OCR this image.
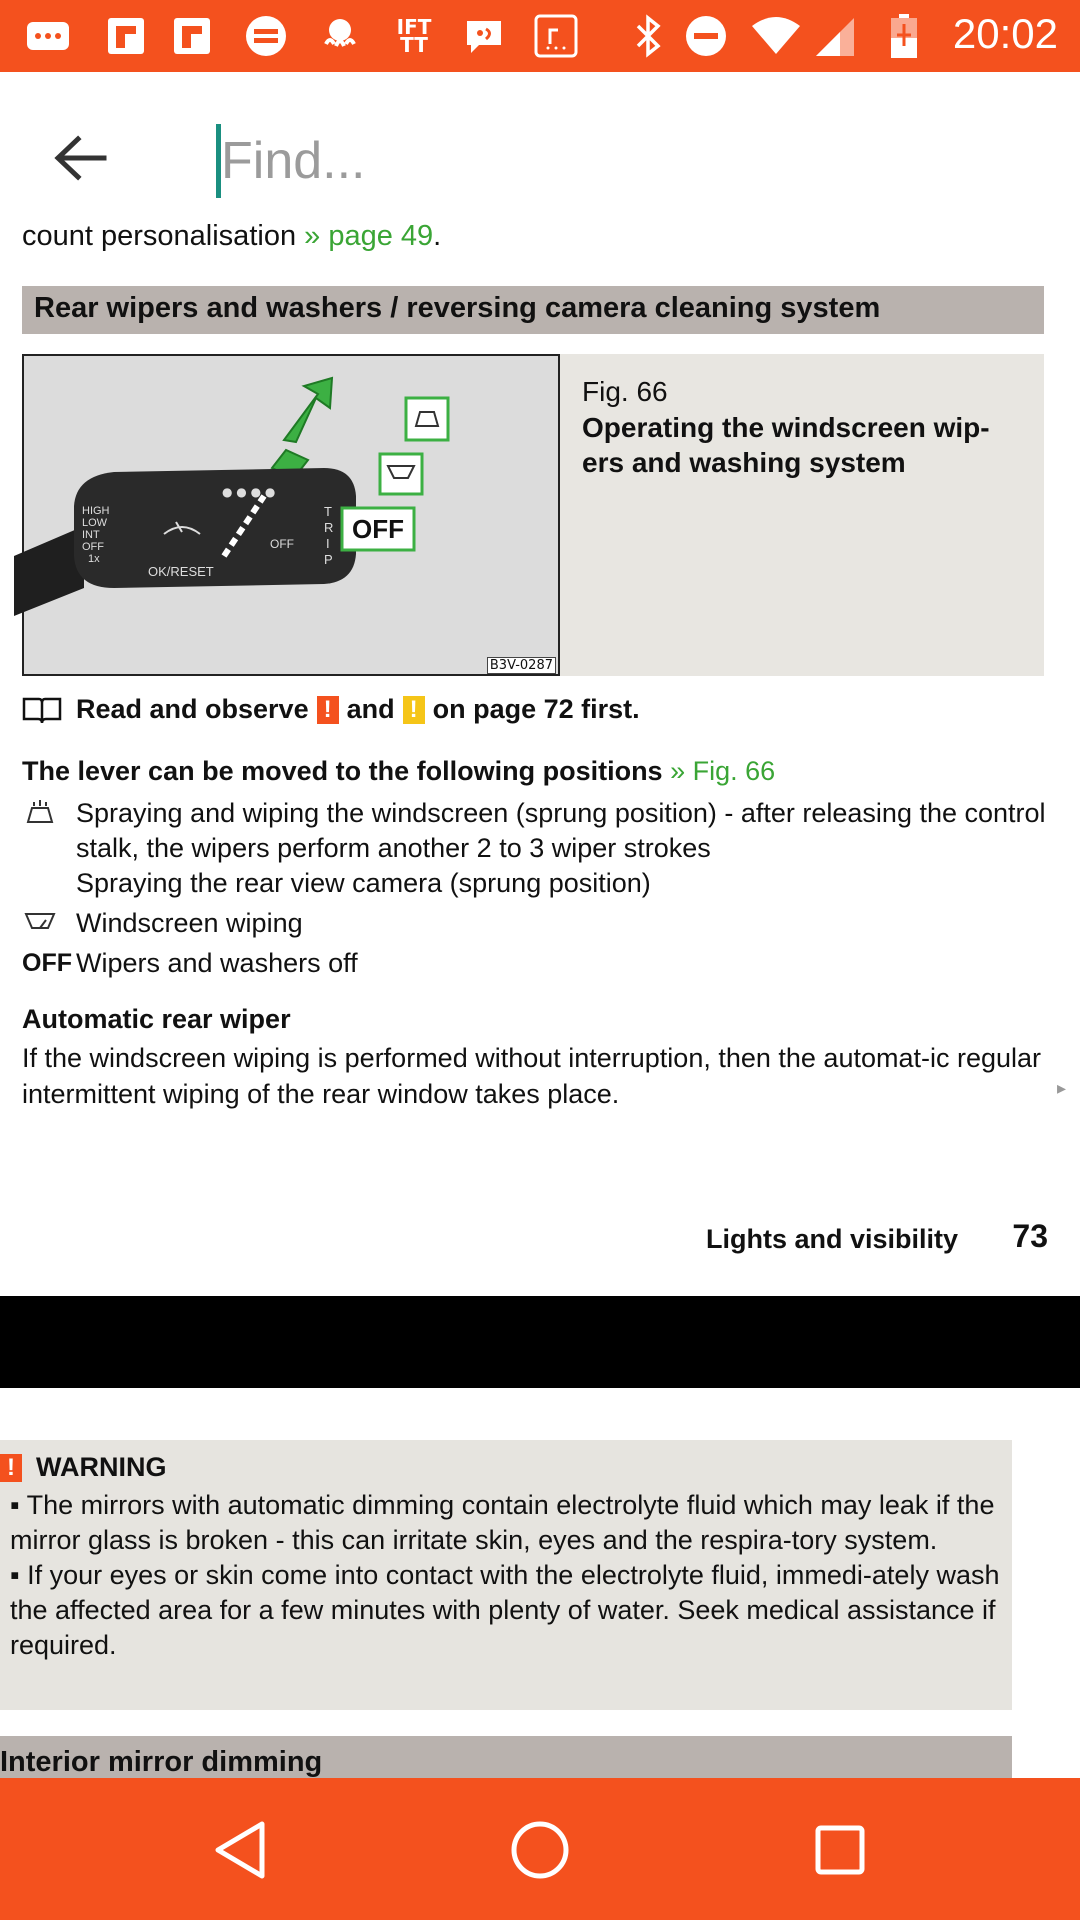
IFT
TT	20:02
Find...
count personalisation » page 49.
Rear wipers and washers / reversing camera cleaning system
HIGH
LOW
INT
OFF
1x
OK/RESET
● ● ● ●
OFF
T
R
I
P
OFF
B3V-0287
Fig. 66
Operating the windscreen wip-ers and washing system
Read and observe ! and ! on page 72 first.
The lever can be moved to the following positions » Fig. 66
Spraying and wiping the windscreen (sprung position) - after releasing the control stalk, the wipers perform another 2 to 3 wiper strokes
Spraying the rear view camera (sprung position)
Windscreen wiping
OFF Wipers and washers off
Automatic rear wiper
If the windscreen wiping is performed without interruption, then the automat-ic regular intermittent wiping of the rear window takes place.	▸
Lights and visibility 73
! WARNING
▪ The mirrors with automatic dimming contain electrolyte fluid which may leak if the mirror glass is broken - this can irritate skin, eyes and the respira-tory system.
▪ If your eyes or skin come into contact with the electrolyte fluid, immedi-ately wash the affected area for a few minutes with plenty of water. Seek medical assistance if required.
Interior mirror dimming
